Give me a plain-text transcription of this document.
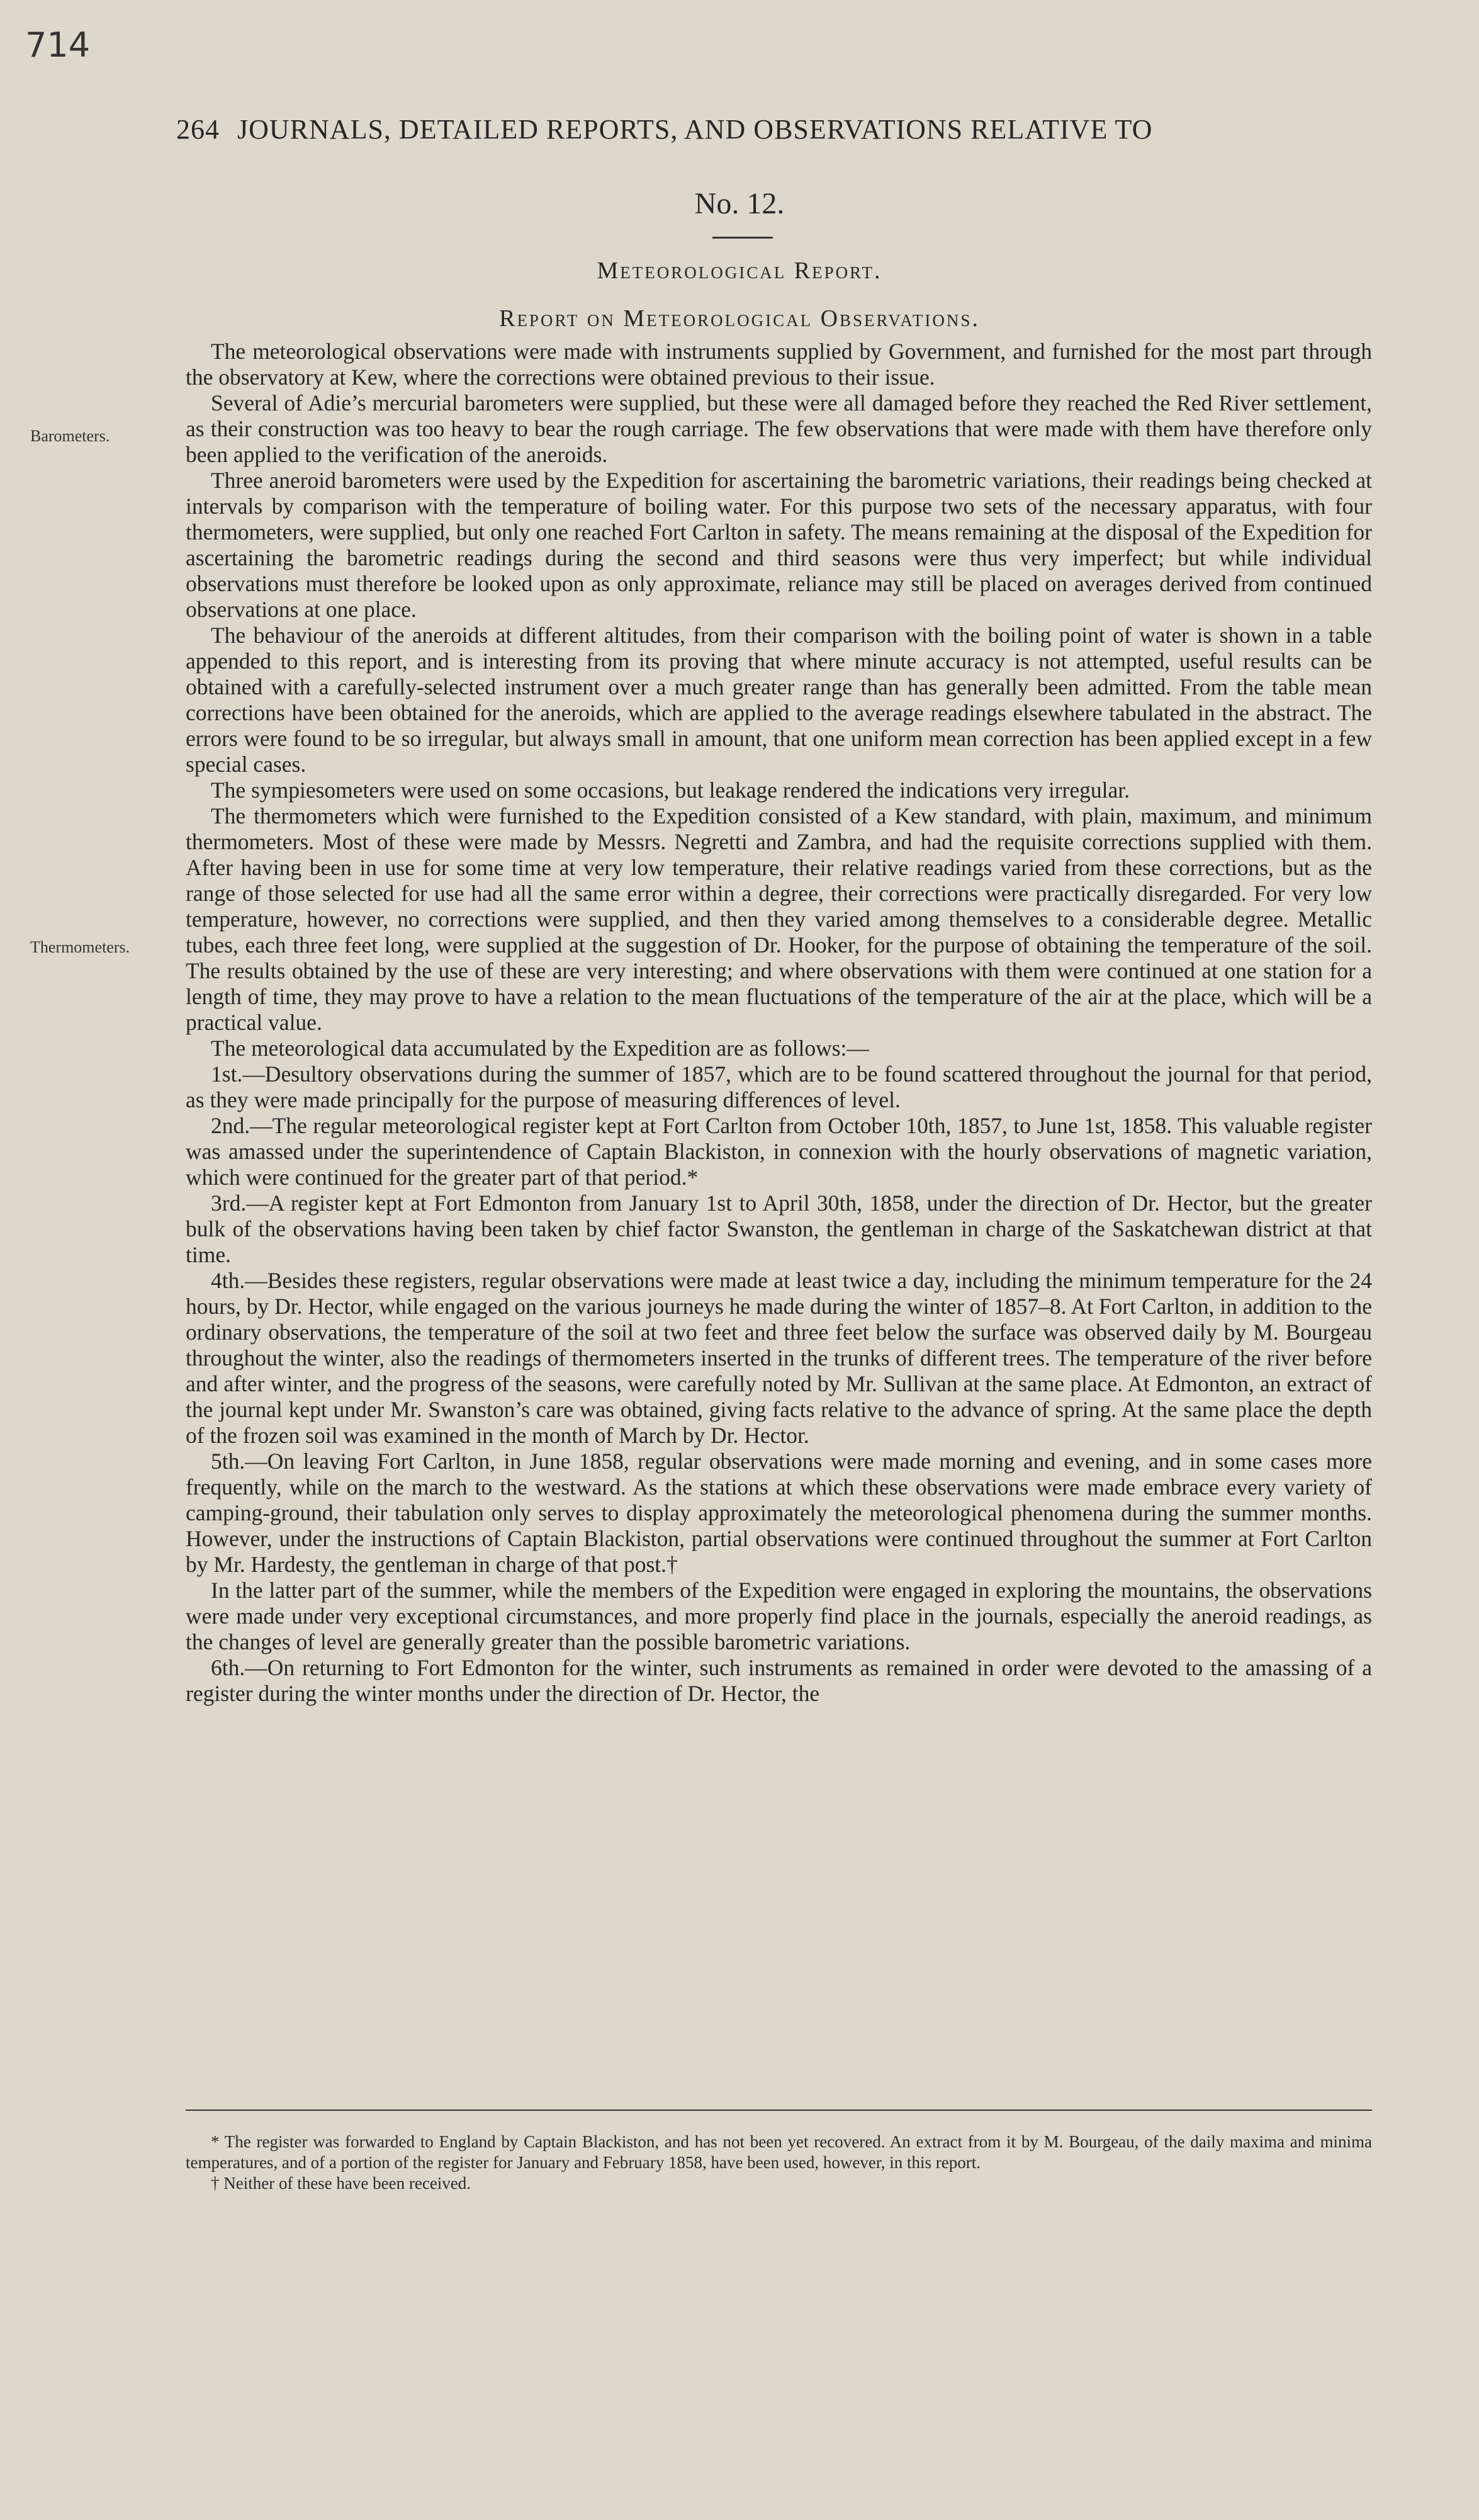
714
264 JOURNALS, DETAILED REPORTS, AND OBSERVATIONS RELATIVE TO
No. 12.
Meteorological Report.
Report on Meteorological Observations.
Barometers.
Thermometers.

The meteorological observations were made with instruments supplied by Government, and furnished for the most part through the observatory at Kew, where the corrections were obtained previous to their issue.

Several of Adie’s mercurial barometers were supplied, but these were all damaged before they reached the Red River settlement, as their construction was too heavy to bear the rough carriage. The few observations that were made with them have therefore only been applied to the verification of the aneroids.

Three aneroid barometers were used by the Expedition for ascertaining the barometric variations, their readings being checked at intervals by comparison with the temperature of boiling water. For this purpose two sets of the necessary apparatus, with four thermometers, were supplied, but only one reached Fort Carlton in safety. The means remaining at the disposal of the Expedition for ascertaining the barometric readings during the second and third seasons were thus very imperfect; but while individual observations must therefore be looked upon as only approximate, reliance may still be placed on averages derived from continued observations at one place.

The behaviour of the aneroids at different altitudes, from their comparison with the boiling point of water is shown in a table appended to this report, and is interesting from its proving that where minute accuracy is not attempted, useful results can be obtained with a carefully-selected instrument over a much greater range than has generally been admitted. From the table mean corrections have been obtained for the aneroids, which are applied to the average readings elsewhere tabulated in the abstract. The errors were found to be so irregular, but always small in amount, that one uniform mean correction has been applied except in a few special cases.

The sympiesometers were used on some occasions, but leakage rendered the indications very irregular.

The thermometers which were furnished to the Expedition consisted of a Kew standard, with plain, maximum, and minimum thermometers. Most of these were made by Messrs. Negretti and Zambra, and had the requisite corrections supplied with them. After having been in use for some time at very low temperature, their relative readings varied from these corrections, but as the range of those selected for use had all the same error within a degree, their corrections were practically disregarded. For very low temperature, however, no corrections were supplied, and then they varied among themselves to a considerable degree. Metallic tubes, each three feet long, were supplied at the suggestion of Dr. Hooker, for the purpose of obtaining the temperature of the soil. The results obtained by the use of these are very interesting; and where observations with them were continued at one station for a length of time, they may prove to have a relation to the mean fluctuations of the temperature of the air at the place, which will be a practical value.

The meteorological data accumulated by the Expedition are as follows:—

1st.—Desultory observations during the summer of 1857, which are to be found scattered throughout the journal for that period, as they were made principally for the purpose of measuring differences of level.

2nd.—The regular meteorological register kept at Fort Carlton from October 10th, 1857, to June 1st, 1858. This valuable register was amassed under the superintendence of Captain Blackiston, in connexion with the hourly observations of magnetic variation, which were continued for the greater part of that period.*

3rd.—A register kept at Fort Edmonton from January 1st to April 30th, 1858, under the direction of Dr. Hector, but the greater bulk of the observations having been taken by chief factor Swanston, the gentleman in charge of the Saskatchewan district at that time.

4th.—Besides these registers, regular observations were made at least twice a day, including the minimum temperature for the 24 hours, by Dr. Hector, while engaged on the various journeys he made during the winter of 1857–8. At Fort Carlton, in addition to the ordinary observations, the temperature of the soil at two feet and three feet below the surface was observed daily by M. Bourgeau throughout the winter, also the readings of thermometers inserted in the trunks of different trees. The temperature of the river before and after winter, and the progress of the seasons, were carefully noted by Mr. Sullivan at the same place. At Edmonton, an extract of the journal kept under Mr. Swanston’s care was obtained, giving facts relative to the advance of spring. At the same place the depth of the frozen soil was examined in the month of March by Dr. Hector.

5th.—On leaving Fort Carlton, in June 1858, regular observations were made morning and evening, and in some cases more frequently, while on the march to the westward. As the stations at which these observations were made embrace every variety of camping-ground, their tabulation only serves to display approximately the meteorological phenomena during the summer months. However, under the instructions of Captain Blackiston, partial observations were continued throughout the summer at Fort Carlton by Mr. Hardesty, the gentleman in charge of that post.†

In the latter part of the summer, while the members of the Expedition were engaged in exploring the mountains, the observations were made under very exceptional circumstances, and more properly find place in the journals, especially the aneroid readings, as the changes of level are generally greater than the possible barometric variations.

6th.—On returning to Fort Edmonton for the winter, such instruments as remained in order were devoted to the amassing of a register during the winter months under the direction of Dr. Hector, the

* The register was forwarded to England by Captain Blackiston, and has not been yet recovered. An extract from it by M. Bourgeau, of the daily maxima and minima temperatures, and of a portion of the register for January and February 1858, have been used, however, in this report.

† Neither of these have been received.
